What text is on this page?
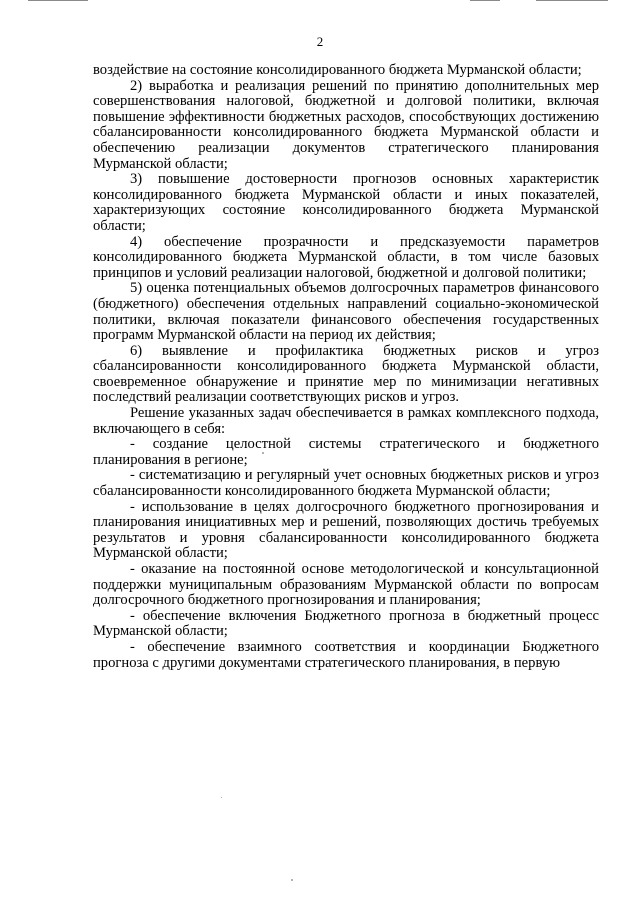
2

воздействие на состояние консолидированного бюджета Мурманской области;

2) выработка и реализация решений по принятию дополнительных мер совершенствования налоговой, бюджетной и долговой политики, включая повышение эффективности бюджетных расходов, способствующих достижению сбалансированности консолидированного бюджета Мурманской области и обеспечению реализации документов стратегического планирования Мурманской области;

3) повышение достоверности прогнозов основных характеристик консолидированного бюджета Мурманской области и иных показателей, характеризующих состояние консолидированного бюджета Мурманской области;

4) обеспечение прозрачности и предсказуемости параметров консолидированного бюджета Мурманской области, в том числе базовых принципов и условий реализации налоговой, бюджетной и долговой политики;

5) оценка потенциальных объемов долгосрочных параметров финансового (бюджетного) обеспечения отдельных направлений социально-экономической политики, включая показатели финансового обеспечения государственных программ Мурманской области на период их действия;

6) выявление и профилактика бюджетных рисков и угроз сбалансированности консолидированного бюджета Мурманской области, своевременное обнаружение и принятие мер по минимизации негативных последствий реализации соответствующих рисков и угроз.

Решение указанных задач обеспечивается в рамках комплексного подхода, включающего в себя:

- создание целостной системы стратегического и бюджетного планирования в регионе;

- систематизацию и регулярный учет основных бюджетных рисков и угроз сбалансированности консолидированного бюджета Мурманской области;

- использование в целях долгосрочного бюджетного прогнозирования и планирования инициативных мер и решений, позволяющих достичь требуемых результатов и уровня сбалансированности консолидированного бюджета Мурманской области;

- оказание на постоянной основе методологической и консультационной поддержки муниципальным образованиям Мурманской области по вопросам долгосрочного бюджетного прогнозирования и планирования;

- обеспечение включения Бюджетного прогноза в бюджетный процесс Мурманской области;

- обеспечение взаимного соответствия и координации Бюджетного прогноза с другими документами стратегического планирования, в первую
